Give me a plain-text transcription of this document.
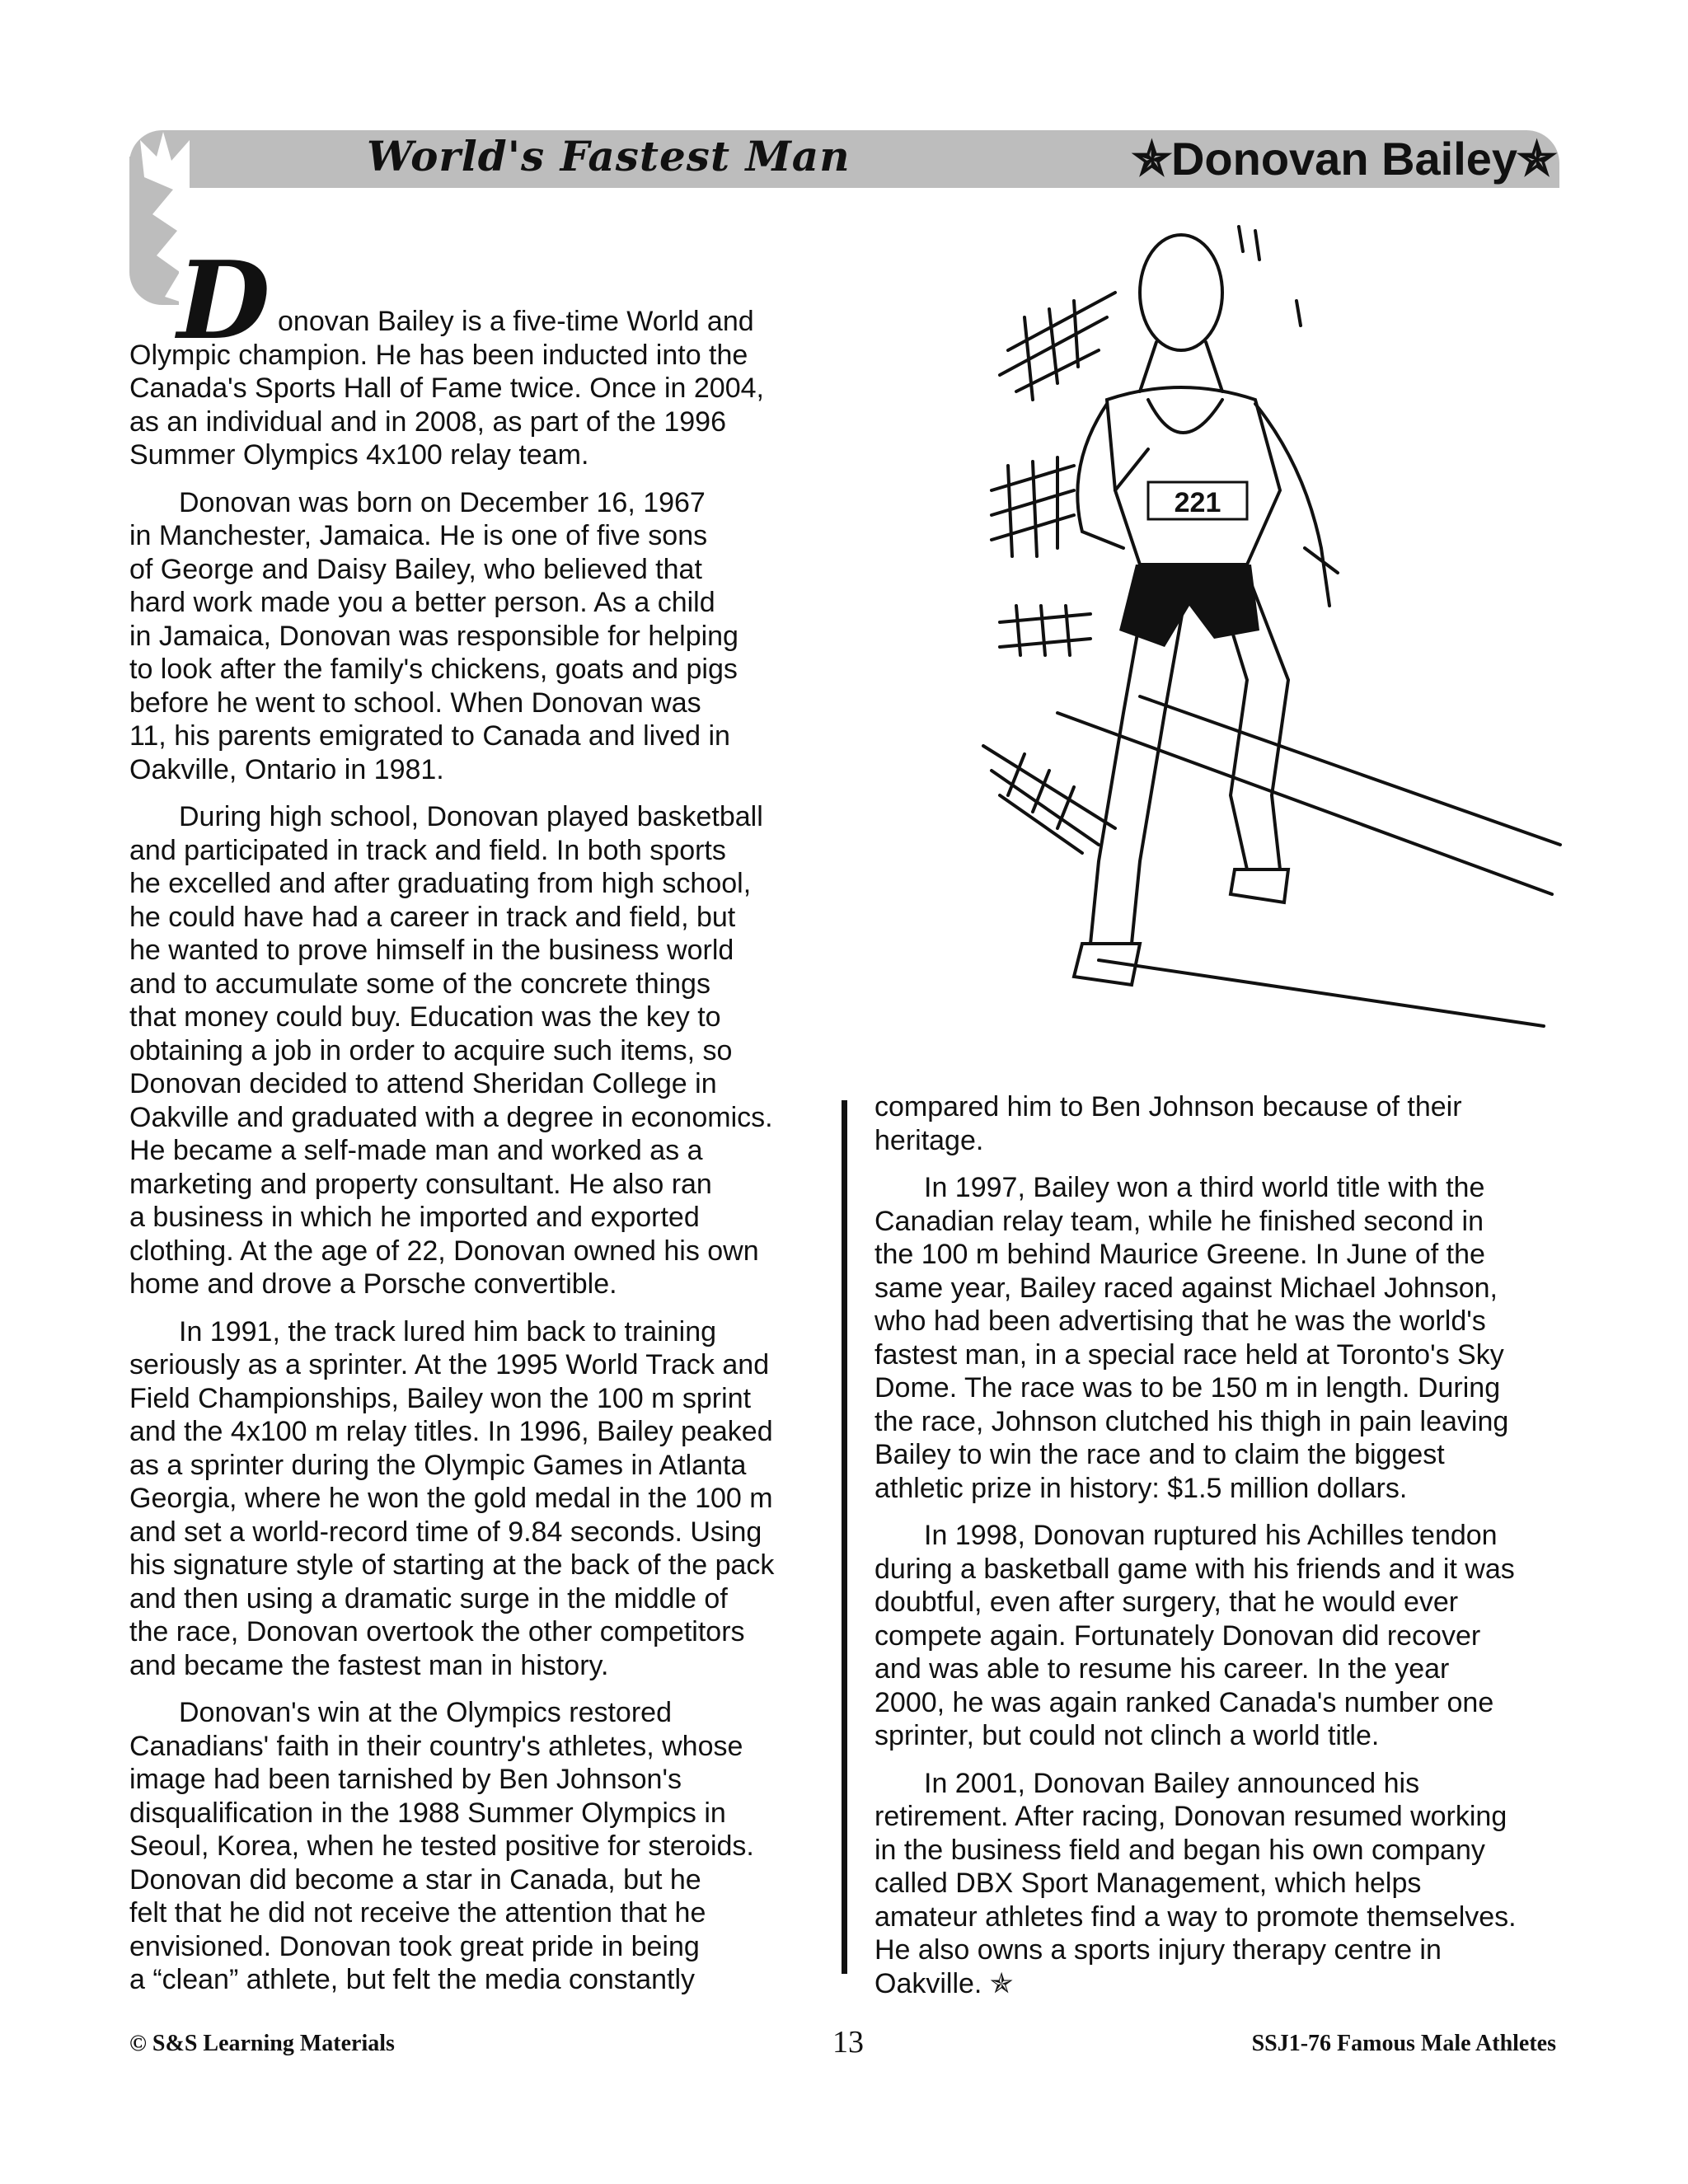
World's Fastest Man	✯Donovan Bailey✯
D onovan Bailey is a five-time World and
Olympic champion. He has been inducted into the
Canada's Sports Hall of Fame twice. Once in 2004,
as an individual and in 2008, as part of the 1996
Summer Olympics 4x100 relay team.
Donovan was born on December 16, 1967
in Manchester, Jamaica. He is one of five sons
of George and Daisy Bailey, who believed that
hard work made you a better person. As a child
in Jamaica, Donovan was responsible for helping
to look after the family's chickens, goats and pigs
before he went to school. When Donovan was
11, his parents emigrated to Canada and lived in
Oakville, Ontario in 1981.
During high school, Donovan played basketball
and participated in track and field. In both sports
he excelled and after graduating from high school,
he could have had a career in track and field, but
he wanted to prove himself in the business world
and to accumulate some of the concrete things
that money could buy. Education was the key to
obtaining a job in order to acquire such items, so
Donovan decided to attend Sheridan College in
Oakville and graduated with a degree in economics.
He became a self-made man and worked as a
marketing and property consultant. He also ran
a business in which he imported and exported
clothing. At the age of 22, Donovan owned his own
home and drove a Porsche convertible.
In 1991, the track lured him back to training
seriously as a sprinter. At the 1995 World Track and
Field Championships, Bailey won the 100 m sprint
and the 4x100 m relay titles. In 1996, Bailey peaked
as a sprinter during the Olympic Games in Atlanta
Georgia, where he won the gold medal in the 100 m
and set a world-record time of 9.84 seconds. Using
his signature style of starting at the back of the pack
and then using a dramatic surge in the middle of
the race, Donovan overtook the other competitors
and became the fastest man in history.
Donovan's win at the Olympics restored
Canadians' faith in their country's athletes, whose
image had been tarnished by Ben Johnson's
disqualification in the 1988 Summer Olympics in
Seoul, Korea, when he tested positive for steroids.
Donovan did become a star in Canada, but he
felt that he did not receive the attention that he
envisioned. Donovan took great pride in being
a “clean” athlete, but felt the media constantly
compared him to Ben Johnson because of their
heritage.
In 1997, Bailey won a third world title with the
Canadian relay team, while he finished second in
the 100 m behind Maurice Greene. In June of the
same year, Bailey raced against Michael Johnson,
who had been advertising that he was the world's
fastest man, in a special race held at Toronto's Sky
Dome. The race was to be 150 m in length. During
the race, Johnson clutched his thigh in pain leaving
Bailey to win the race and to claim the biggest
athletic prize in history: $1.5 million dollars.
In 1998, Donovan ruptured his Achilles tendon
during a basketball game with his friends and it was
doubtful, even after surgery, that he would ever
compete again. Fortunately Donovan did recover
and was able to resume his career. In the year
2000, he was again ranked Canada's number one
sprinter, but could not clinch a world title.
In 2001, Donovan Bailey announced his
retirement. After racing, Donovan resumed working
in the business field and began his own company
called DBX Sport Management, which helps
amateur athletes find a way to promote themselves.
He also owns a sports injury therapy centre in
Oakville. ✯
221
© S&S Learning Materials	13	SSJ1-76 Famous Male Athletes
